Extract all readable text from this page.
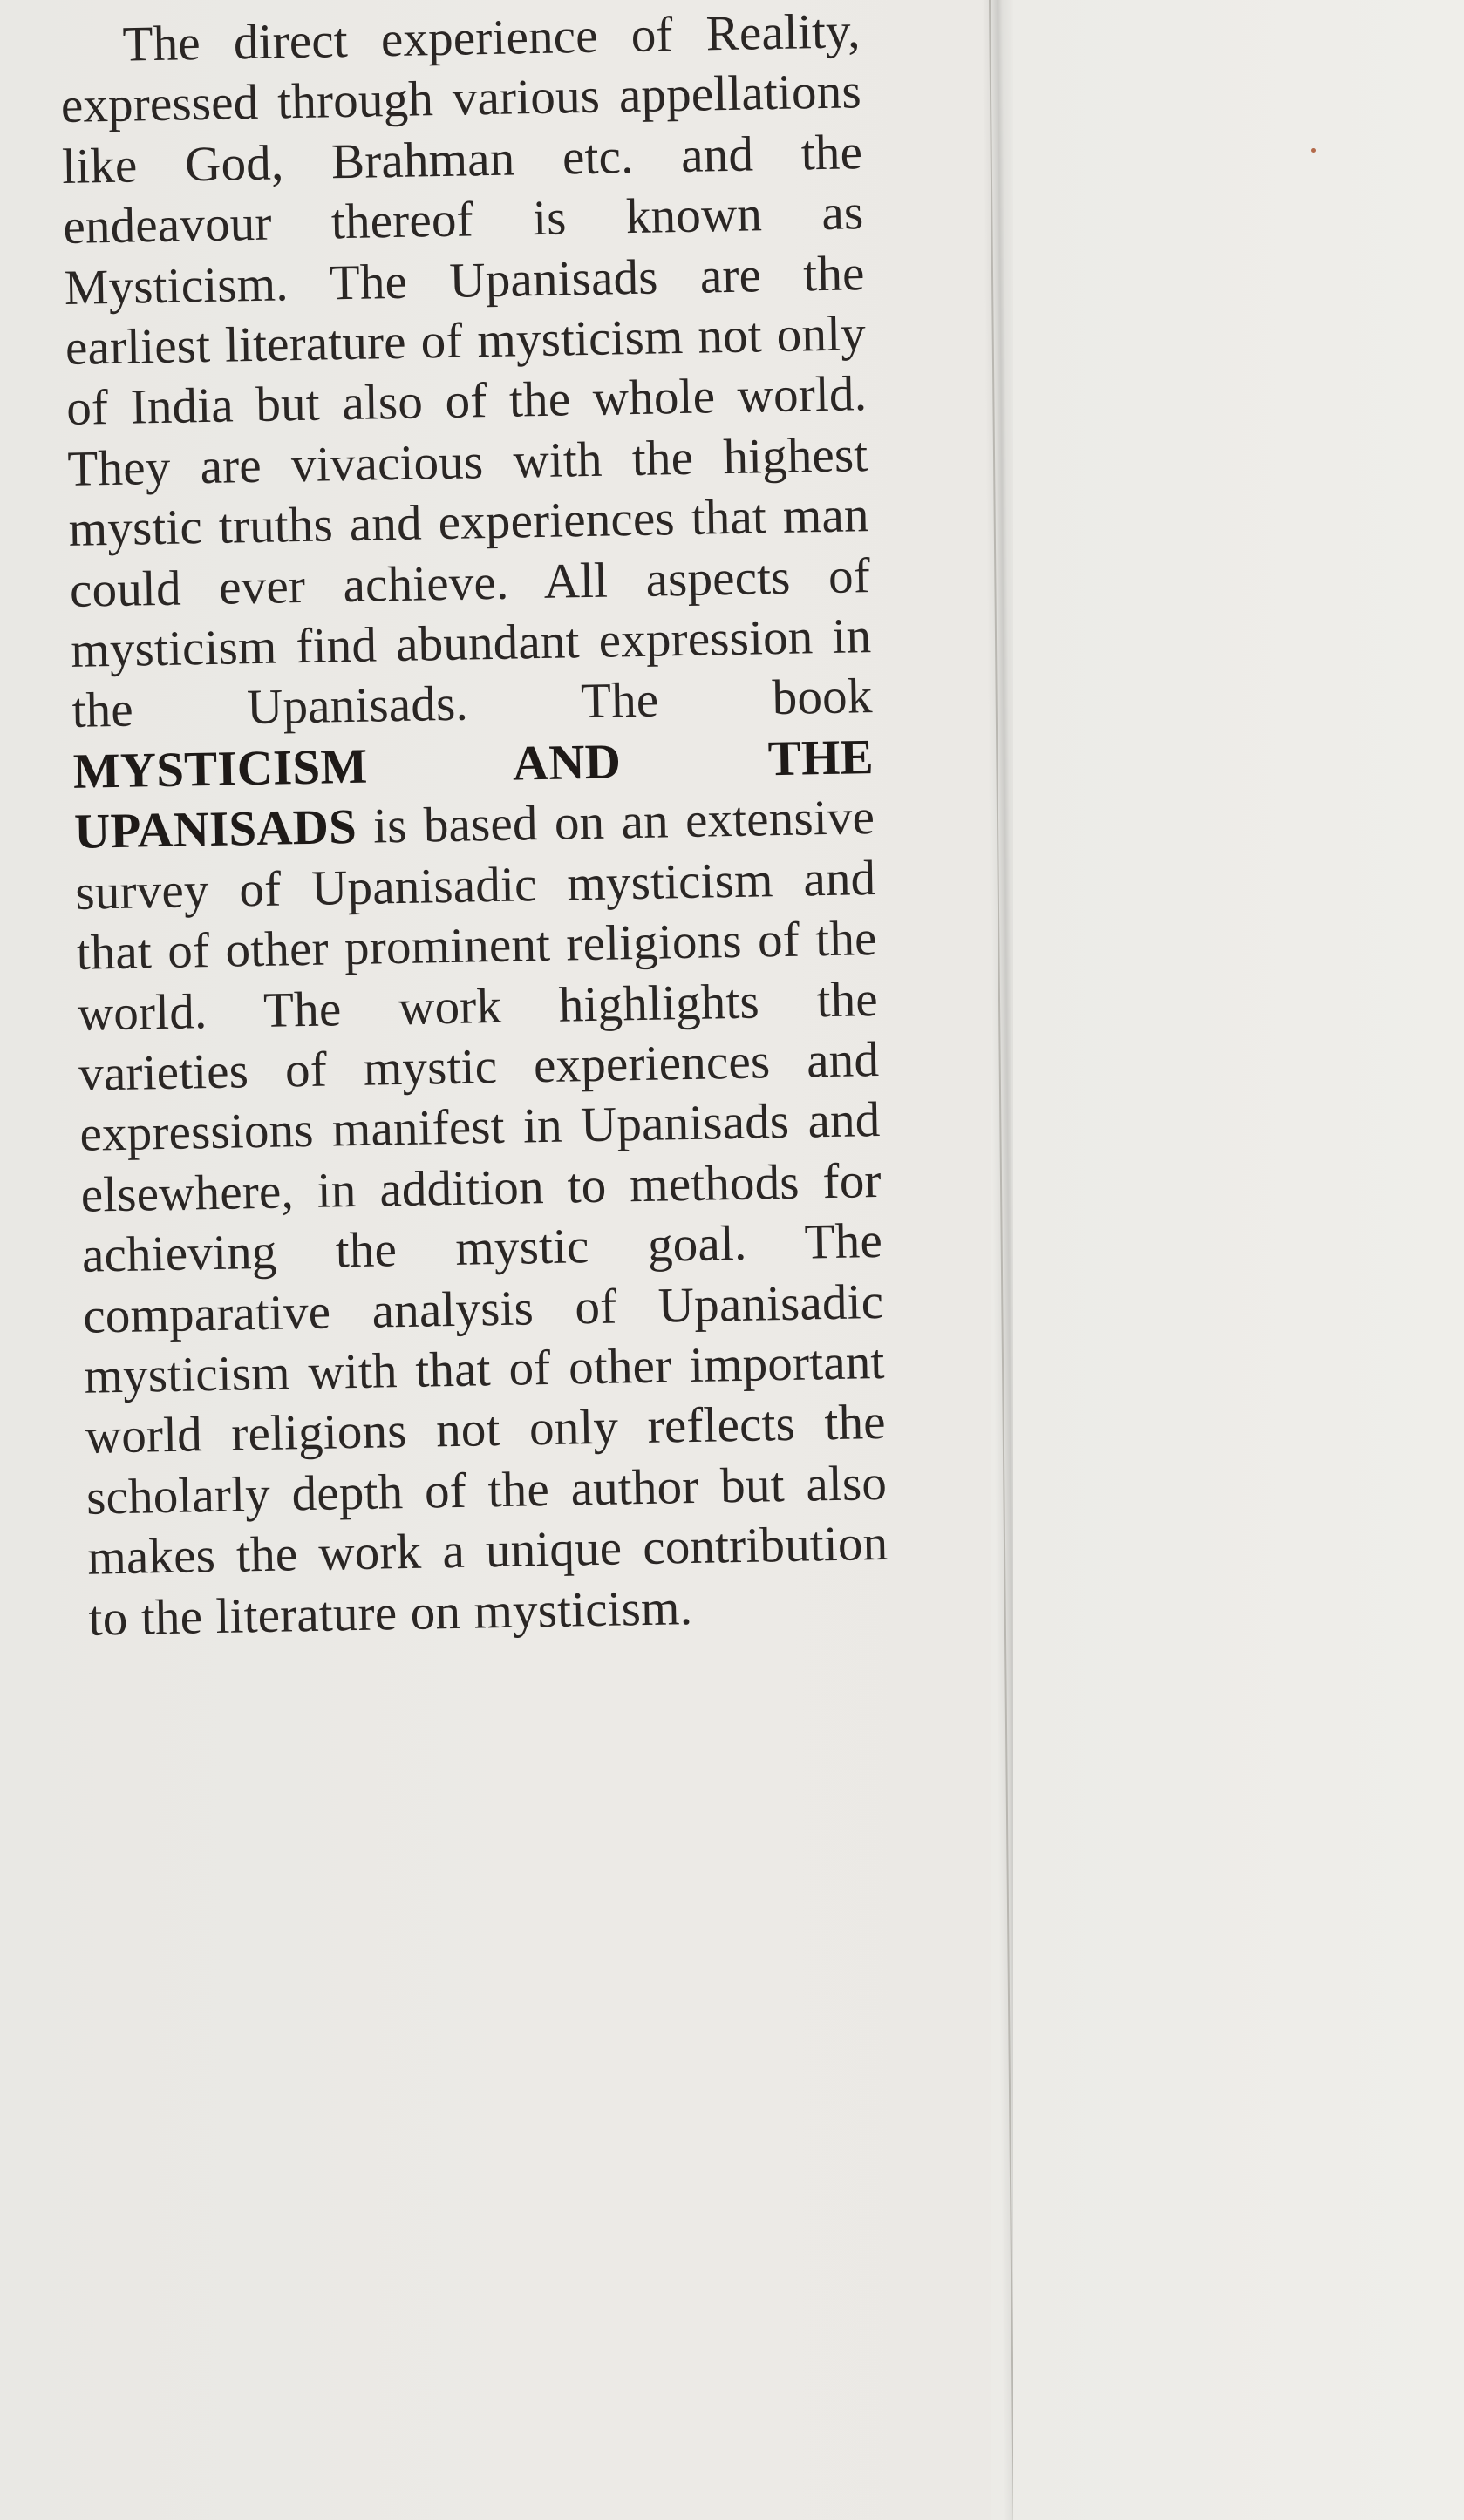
The direct experience of Reality, expressed through various appellations like God, Brahman etc. and the endeavour thereof is known as Mysticism. The Upanisads are the earliest literature of mysticism not only of India but also of the whole world. They are vivacious with the highest mystic truths and experiences that man could ever achieve. All aspects of mysticism find abundant expression in the Upanisads. The book MYSTICISM AND THE UPANISADS is based on an extensive survey of Upanisadic mysticism and that of other prominent religions of the world. The work highlights the varieties of mystic experiences and expressions manifest in Upanisads and elsewhere, in addition to methods for achieving the mystic goal. The comparative analysis of Upanisadic mysticism with that of other important world religions not only reflects the scholarly depth of the author but also makes the work a unique contribution to the literature on mysticism.
